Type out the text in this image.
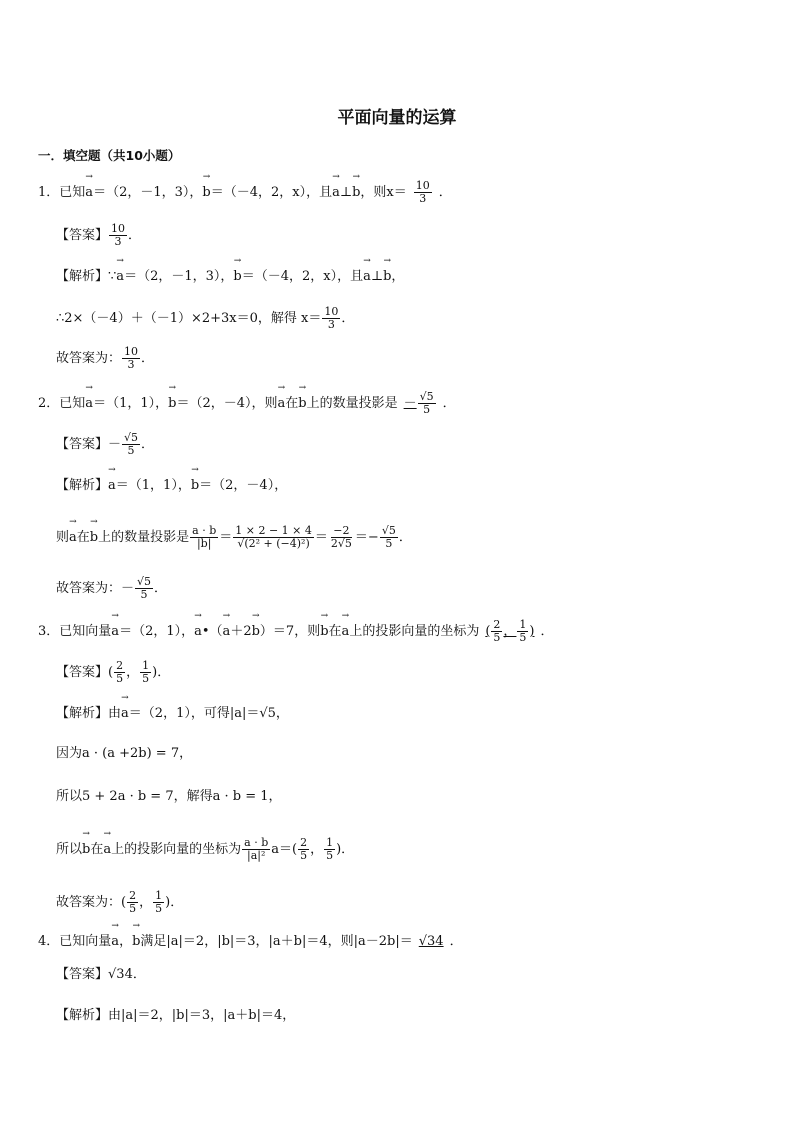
平面向量的运算
一．填空题（共10小题）
1．已知→ a＝（2，－1，3），→ b＝（－4，2，x），且→ a⊥→ b，则$x= \frac{10}{3}$ ．
【答案】 $\frac{10}{3}$ ．
【解析】∵→ a＝（2，－1，3），→ b＝（－4，2，x），且→ a⊥→ b，
∴2×（－4）＋（－1）×2+3x＝0，解得 $x= \frac{10}{3}$ ．
故答案为： $\frac{10}{3}$ ．
2．已知→ a＝（1，1），→ b＝（2，－4），则→ a在→ b上的数量投影是 － $\frac{√5}{5}$ ．
【答案】－ $\frac{√5}{5}$ ．
【解析】→ a＝（1，1），→ b＝（2，－4），
则→ a在→ b上的数量投影是 $\frac{a \cdot b}{|b|} = \frac{1 \times 2 - 1 \times 4}{\text{√(2² + (−4)²)}} = \frac{-2}{2√5} =- \frac{√5}{5}$ ．
故答案为：－ $\frac{√5}{5}$ ．
3．已知向量→ a＝（2，1），→ a•（→ a＋2→ b）＝7，则→ b在→ a上的投影向量的坐标为 ( $\frac{2}{5}$ ， $\frac{1}{5}$ ) ．
【答案】( $\frac{2}{5}$ ， $\frac{1}{5}$ )．
【解析】由→ a＝（2，1），可得|a|＝√5，
因为a · (a +2b) = 7，
所以5 + 2a · b = 7，解得a · b = 1，
所以→ b在→ a上的投影向量的坐标为 $\frac{a \cdot b}{\text{|a|²}} a=( \frac{2}{5}$ ， $\frac{1}{5}$ )．
故答案为：( $\frac{2}{5}$ ， $\frac{1}{5}$ )．
4．已知向量→ a，→ b满足|a|＝2，|b|＝3，|a＋b|＝4，则|a－2b|＝ √34 ．
【答案】√34．
【解析】由|a|＝2，|b|＝3，|a＋b|＝4，
